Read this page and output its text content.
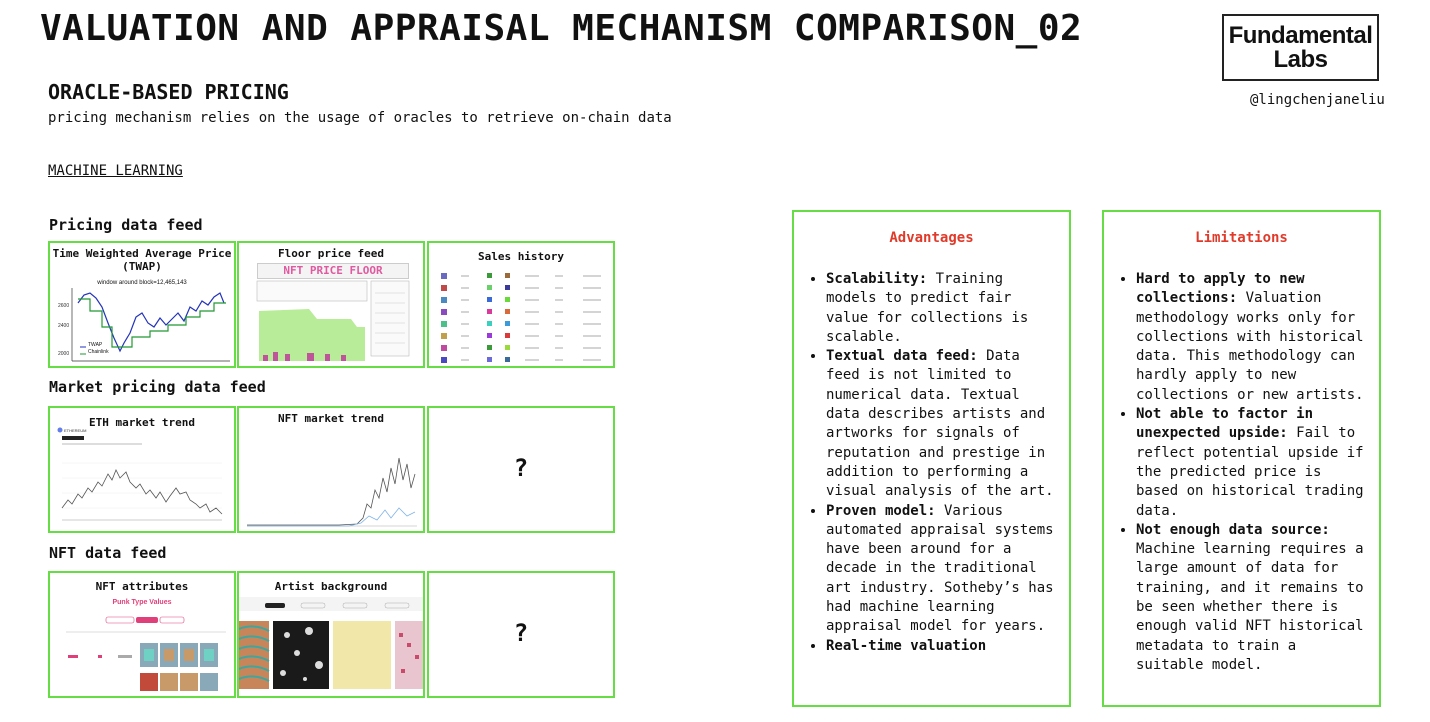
VALUATION AND APPRAISAL MECHANISM COMPARISON_02	Fundamental
Labs
@lingchenjaneliu
ORACLE-BASED PRICING
pricing mechanism relies on the usage of oracles to retrieve on-chain data
MACHINE LEARNING
Pricing data feed
Time Weighted Average Price (TWAP)
window around block=12,465,143
2600
2400
2000
TWAP
Chainlink
Floor price feed
NFT PRICE FLOOR
Sales history
Market pricing data feed
ETH market trend
ETHEREUM
NFT market trend
?
NFT data feed
NFT attributes
Punk Type Values
Artist background
?
Advantages
• Scalability: Training models to predict fair value for collections is scalable.
• Textual data feed: Data feed is not limited to numerical data. Textual data describes artists and artworks for signals of reputation and prestige in addition to performing a visual analysis of the art.
• Proven model: Various automated appraisal systems have been around for a decade in the traditional art industry. Sotheby’s has had machine learning appraisal model for years.
• Real-time valuation
Limitations
• Hard to apply to new collections: Valuation methodology works only for collections with historical data. This methodology can hardly apply to new collections or new artists.
• Not able to factor in unexpected upside: Fail to reflect potential upside if the predicted price is based on historical trading data.
• Not enough data source: Machine learning requires a large amount of data for training, and it remains to be seen whether there is enough valid NFT historical metadata to train a suitable model.
